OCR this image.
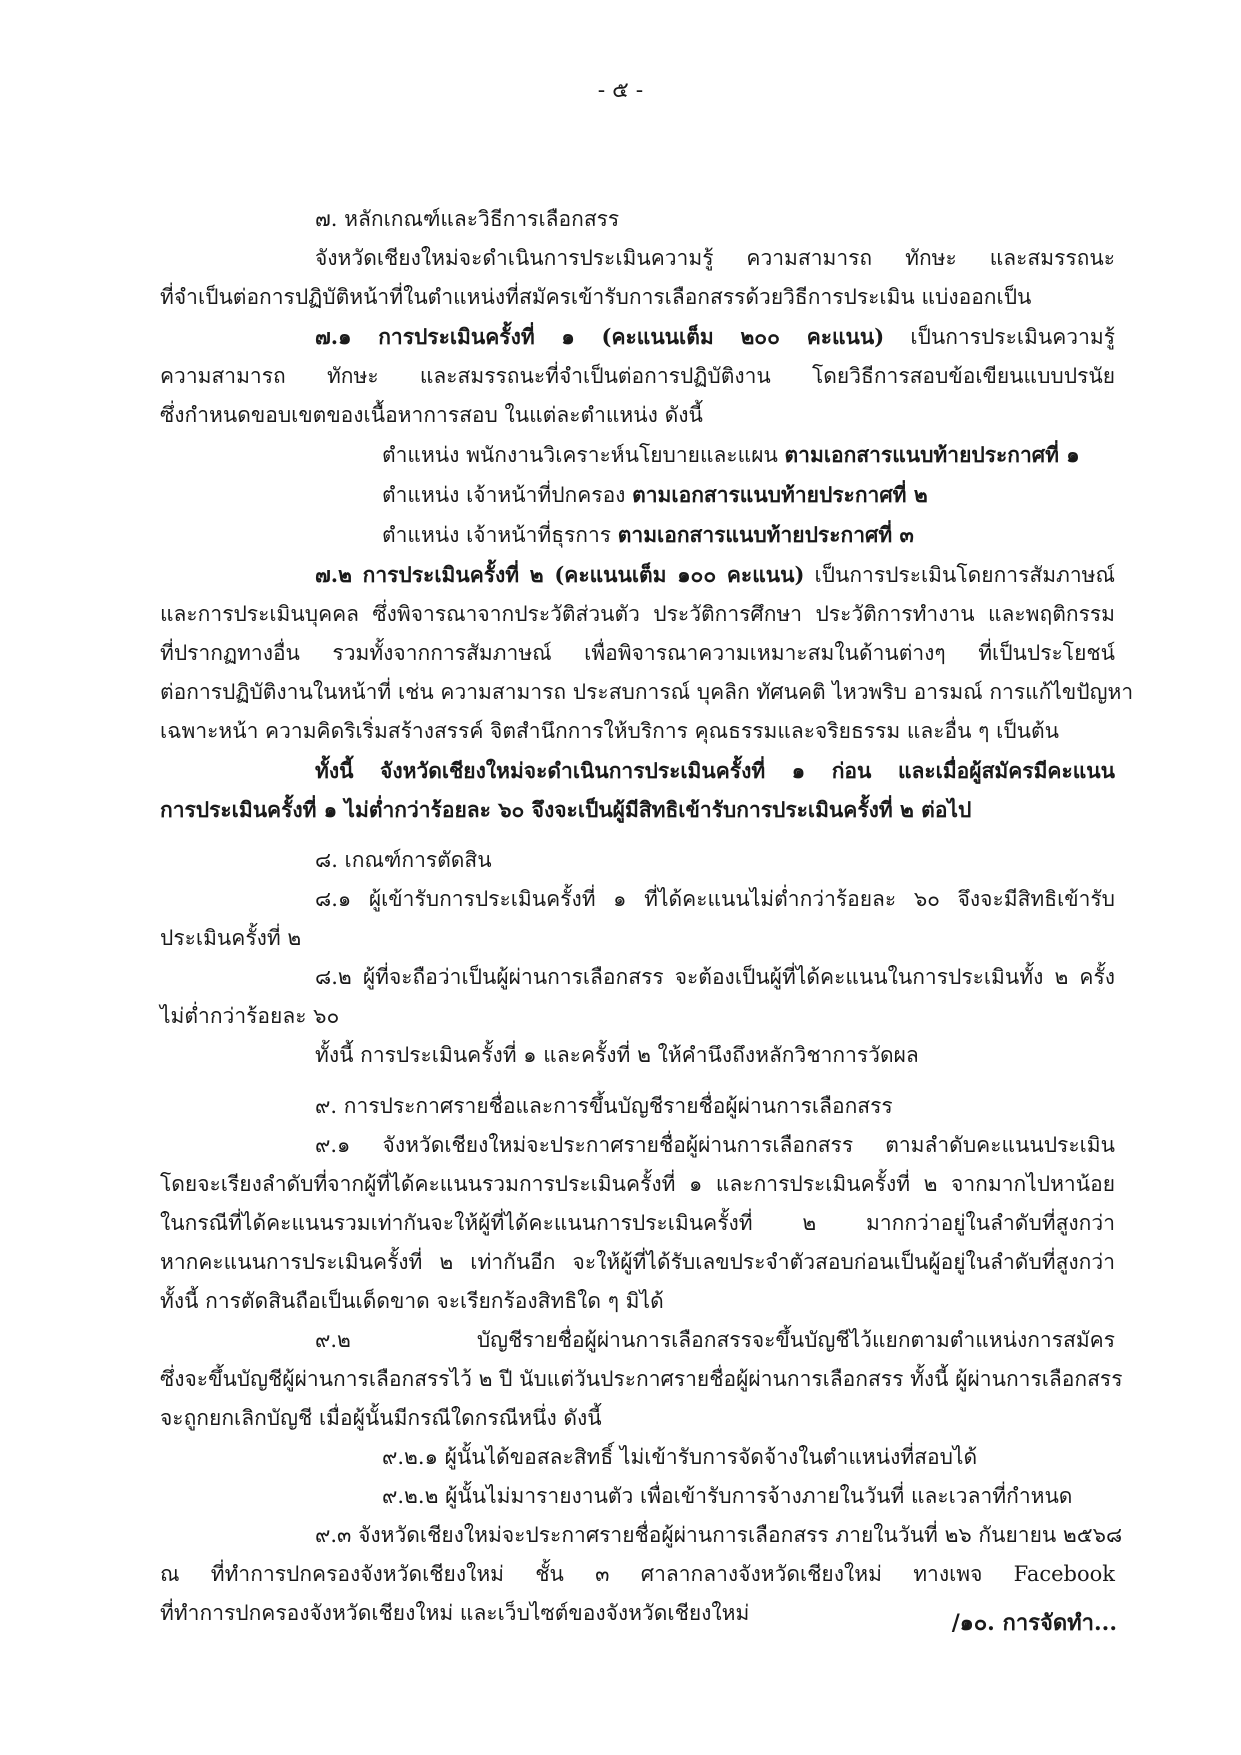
- ๕ -

๗. หลักเกณฑ์และวิธีการเลือกสรร

จังหวัดเชียงใหม่จะดำเนินการประเมินความรู้ ความสามารถ ทักษะ และสมรรถนะ

ที่จำเป็นต่อการปฏิบัติหน้าที่ในตำแหน่งที่สมัครเข้ารับการเลือกสรรด้วยวิธีการประเมิน แบ่งออกเป็น

๗.๑ การประเมินครั้งที่ ๑ (คะแนนเต็ม ๒๐๐ คะแนน) เป็นการประเมินความรู้

ความสามารถ ทักษะ และสมรรถนะที่จำเป็นต่อการปฏิบัติงาน โดยวิธีการสอบข้อเขียนแบบปรนัย

ซึ่งกำหนดขอบเขตของเนื้อหาการสอบ ในแต่ละตำแหน่ง ดังนี้

ตำแหน่ง พนักงานวิเคราะห์นโยบายและแผน ตามเอกสารแนบท้ายประกาศที่ ๑

ตำแหน่ง เจ้าหน้าที่ปกครอง ตามเอกสารแนบท้ายประกาศที่ ๒

ตำแหน่ง เจ้าหน้าที่ธุรการ ตามเอกสารแนบท้ายประกาศที่ ๓

๗.๒ การประเมินครั้งที่ ๒ (คะแนนเต็ม ๑๐๐ คะแนน) เป็นการประเมินโดยการสัมภาษณ์

และการประเมินบุคคล ซึ่งพิจารณาจากประวัติส่วนตัว ประวัติการศึกษา ประวัติการทำงาน และพฤติกรรม

ที่ปรากฏทางอื่น รวมทั้งจากการสัมภาษณ์ เพื่อพิจารณาความเหมาะสมในด้านต่างๆ ที่เป็นประโยชน์

ต่อการปฏิบัติงานในหน้าที่ เช่น ความสามารถ ประสบการณ์ บุคลิก ทัศนคติ ไหวพริบ อารมณ์ การแก้ไขปัญหา

เฉพาะหน้า ความคิดริเริ่มสร้างสรรค์ จิตสำนึกการให้บริการ คุณธรรมและจริยธรรม และอื่น ๆ เป็นต้น

ทั้งนี้ จังหวัดเชียงใหม่จะดำเนินการประเมินครั้งที่ ๑ ก่อน และเมื่อผู้สมัครมีคะแนน

การประเมินครั้งที่ ๑ ไม่ต่ำกว่าร้อยละ ๖๐ จึงจะเป็นผู้มีสิทธิเข้ารับการประเมินครั้งที่ ๒ ต่อไป

๘. เกณฑ์การตัดสิน

๘.๑ ผู้เข้ารับการประเมินครั้งที่ ๑ ที่ได้คะแนนไม่ต่ำกว่าร้อยละ ๖๐ จึงจะมีสิทธิเข้ารับ

ประเมินครั้งที่ ๒

๘.๒ ผู้ที่จะถือว่าเป็นผู้ผ่านการเลือกสรร จะต้องเป็นผู้ที่ได้คะแนนในการประเมินทั้ง ๒ ครั้ง

ไม่ต่ำกว่าร้อยละ ๖๐

ทั้งนี้ การประเมินครั้งที่ ๑ และครั้งที่ ๒ ให้คำนึงถึงหลักวิชาการวัดผล

๙. การประกาศรายชื่อและการขึ้นบัญชีรายชื่อผู้ผ่านการเลือกสรร

๙.๑ จังหวัดเชียงใหม่จะประกาศรายชื่อผู้ผ่านการเลือกสรร ตามลำดับคะแนนประเมิน

โดยจะเรียงลำดับที่จากผู้ที่ได้คะแนนรวมการประเมินครั้งที่ ๑ และการประเมินครั้งที่ ๒ จากมากไปหาน้อย

ในกรณีที่ได้คะแนนรวมเท่ากันจะให้ผู้ที่ได้คะแนนการประเมินครั้งที่ ๒ มากกว่าอยู่ในลำดับที่สูงกว่า

หากคะแนนการประเมินครั้งที่ ๒ เท่ากันอีก จะให้ผู้ที่ได้รับเลขประจำตัวสอบก่อนเป็นผู้อยู่ในลำดับที่สูงกว่า

ทั้งนี้ การตัดสินถือเป็นเด็ดขาด จะเรียกร้องสิทธิใด ๆ มิได้

๙.๒ บัญชีรายชื่อผู้ผ่านการเลือกสรรจะขึ้นบัญชีไว้แยกตามตำแหน่งการสมัคร

ซึ่งจะขึ้นบัญชีผู้ผ่านการเลือกสรรไว้ ๒ ปี นับแต่วันประกาศรายชื่อผู้ผ่านการเลือกสรร ทั้งนี้ ผู้ผ่านการเลือกสรร

จะถูกยกเลิกบัญชี เมื่อผู้นั้นมีกรณีใดกรณีหนึ่ง ดังนี้

๙.๒.๑ ผู้นั้นได้ขอสละสิทธิ์ ไม่เข้ารับการจัดจ้างในตำแหน่งที่สอบได้

๙.๒.๒ ผู้นั้นไม่มารายงานตัว เพื่อเข้ารับการจ้างภายในวันที่ และเวลาที่กำหนด

๙.๓ จังหวัดเชียงใหม่จะประกาศรายชื่อผู้ผ่านการเลือกสรร ภายในวันที่ ๒๖ กันยายน ๒๕๖๘

ณ ที่ทำการปกครองจังหวัดเชียงใหม่ ชั้น ๓ ศาลากลางจังหวัดเชียงใหม่ ทางเพจ Facebook

ที่ทำการปกครองจังหวัดเชียงใหม่ และเว็บไซต์ของจังหวัดเชียงใหม่	/๑๐. การจัดทำ...
